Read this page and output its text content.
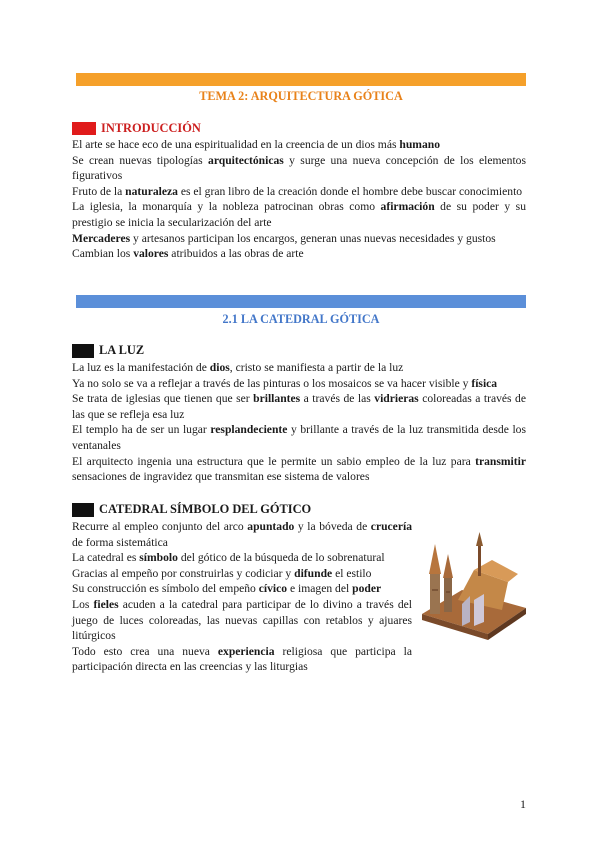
TEMA 2: ARQUITECTURA GÓTICA
INTRODUCCIÓN

El arte se hace eco de una espiritualidad en la creencia de un dios más humano

Se crean nuevas tipologías arquitectónicas y surge una nueva concepción de los elementos figurativos

Fruto de la naturaleza es el gran libro de la creación donde el hombre debe buscar conocimiento

La iglesia, la monarquía y la nobleza patrocinan obras como afirmación de su poder y su prestigio se inicia la secularización del arte

Mercaderes y artesanos participan los encargos, generan unas nuevas necesidades y gustos

Cambian los valores atribuidos a las obras de arte

2.1 LA CATEDRAL GÓTICA
LA LUZ

La luz es la manifestación de dios, cristo se manifiesta a partir de la luz

Ya no solo se va a reflejar a través de las pinturas o los mosaicos se va hacer visible y física

Se trata de iglesias que tienen que ser brillantes a través de las vidrieras coloreadas a través de las que se refleja esa luz

El templo ha de ser un lugar resplandeciente y brillante a través de la luz transmitida desde los ventanales

El arquitecto ingenia una estructura que le permite un sabio empleo de la luz para transmitir sensaciones de ingravidez que transmitan ese sistema de valores

CATEDRAL SÍMBOLO DEL GÓTICO

Recurre al empleo conjunto del arco apuntado y la bóveda de crucería de forma sistemática

La catedral es símbolo del gótico de la búsqueda de lo sobrenatural

Gracias al empeño por construirlas y codiciar y difunde el estilo

Su construcción es símbolo del empeño cívico e imagen del poder

Los fieles acuden a la catedral para participar de lo divino a través del juego de luces coloreadas, las nuevas capillas con retablos y ajuares litúrgicos

Todo esto crea una nueva experiencia religiosa que participa la participación directa en las creencias y las liturgias

1
